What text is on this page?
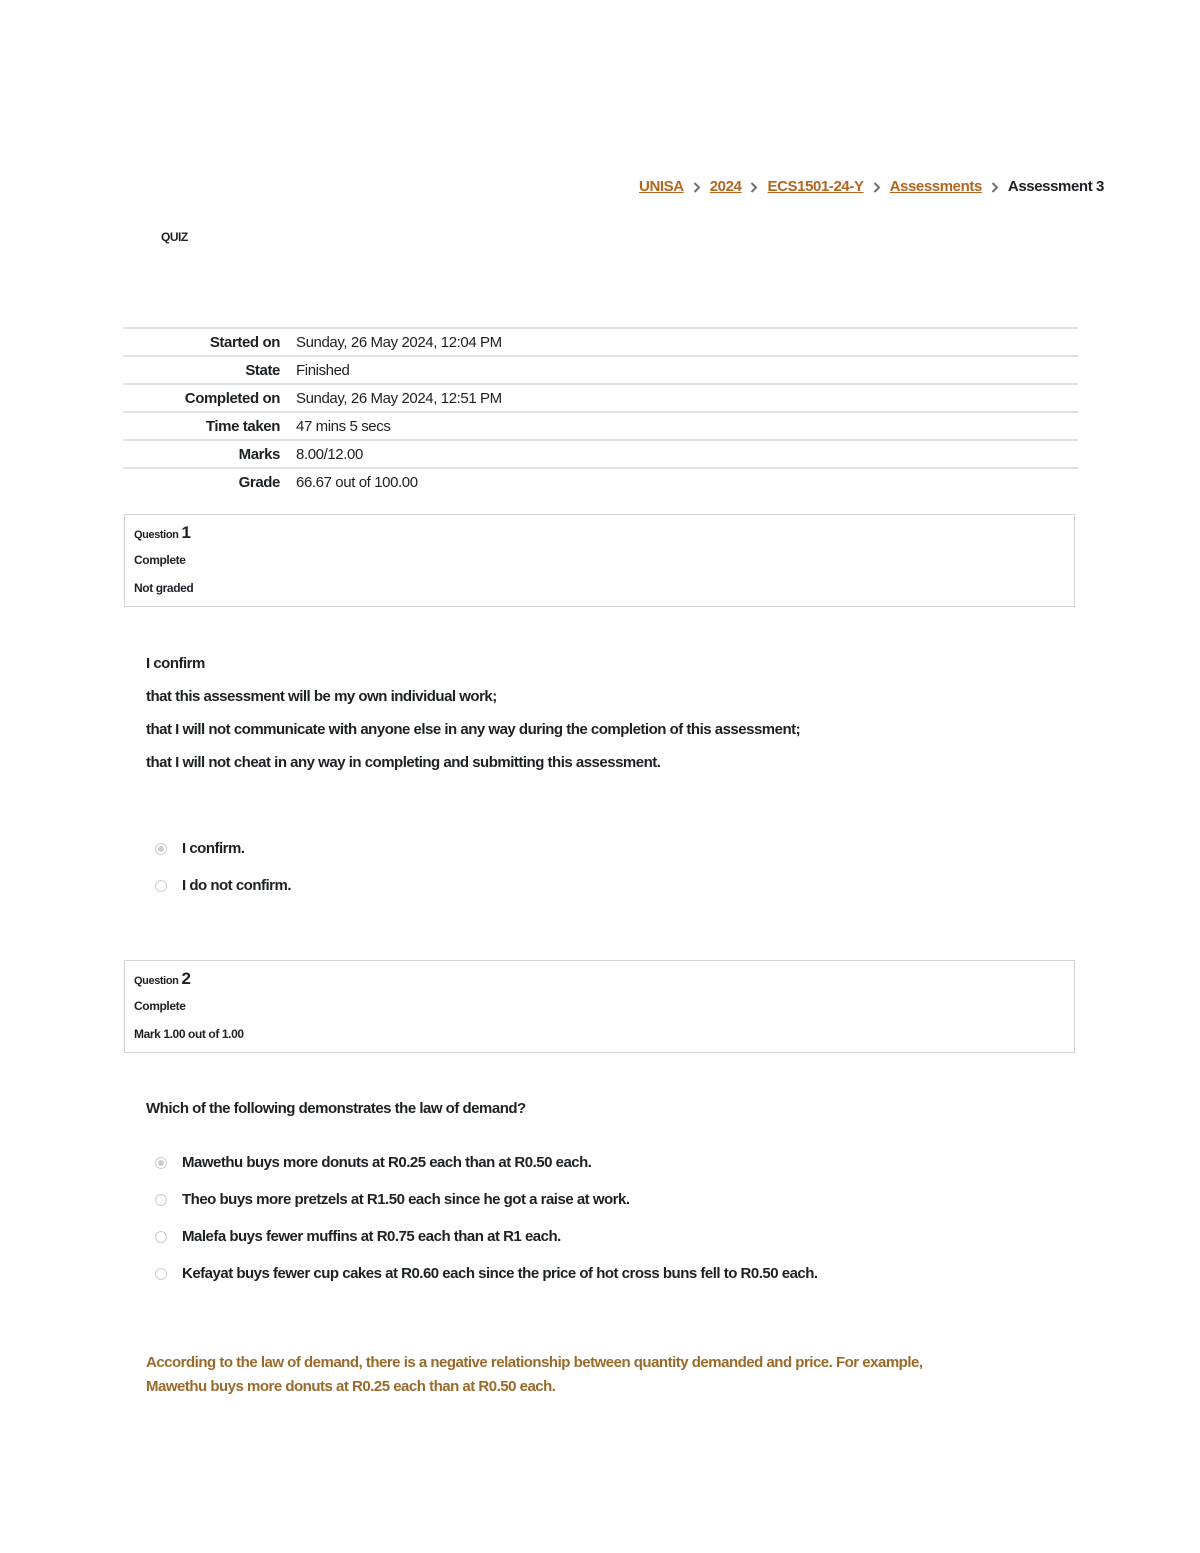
UNISA 2024 ECS1501-24-Y Assessments Assessment 3
QUIZ
Started on	Sunday, 26 May 2024, 12:04 PM
State	Finished
Completed on	Sunday, 26 May 2024, 12:51 PM
Time taken	47 mins 5 secs
Marks	8.00/12.00
Grade	66.67 out of 100.00
Question 1
Complete
Not graded
I confirm
that this assessment will be my own individual work;
that I will not communicate with anyone else in any way during the completion of this assessment;
that I will not cheat in any way in completing and submitting this assessment.
I confirm.
I do not confirm.
Question 2
Complete
Mark 1.00 out of 1.00
Which of the following demonstrates the law of demand?
Mawethu buys more donuts at R0.25 each than at R0.50 each.
Theo buys more pretzels at R1.50 each since he got a raise at work.
Malefa buys fewer muffins at R0.75 each than at R1 each.
Kefayat buys fewer cup cakes at R0.60 each since the price of hot cross buns fell to R0.50 each.
According to the law of demand, there is a negative relationship between quantity demanded and price. For example, Mawethu buys more donuts at R0.25 each than at R0.50 each.
